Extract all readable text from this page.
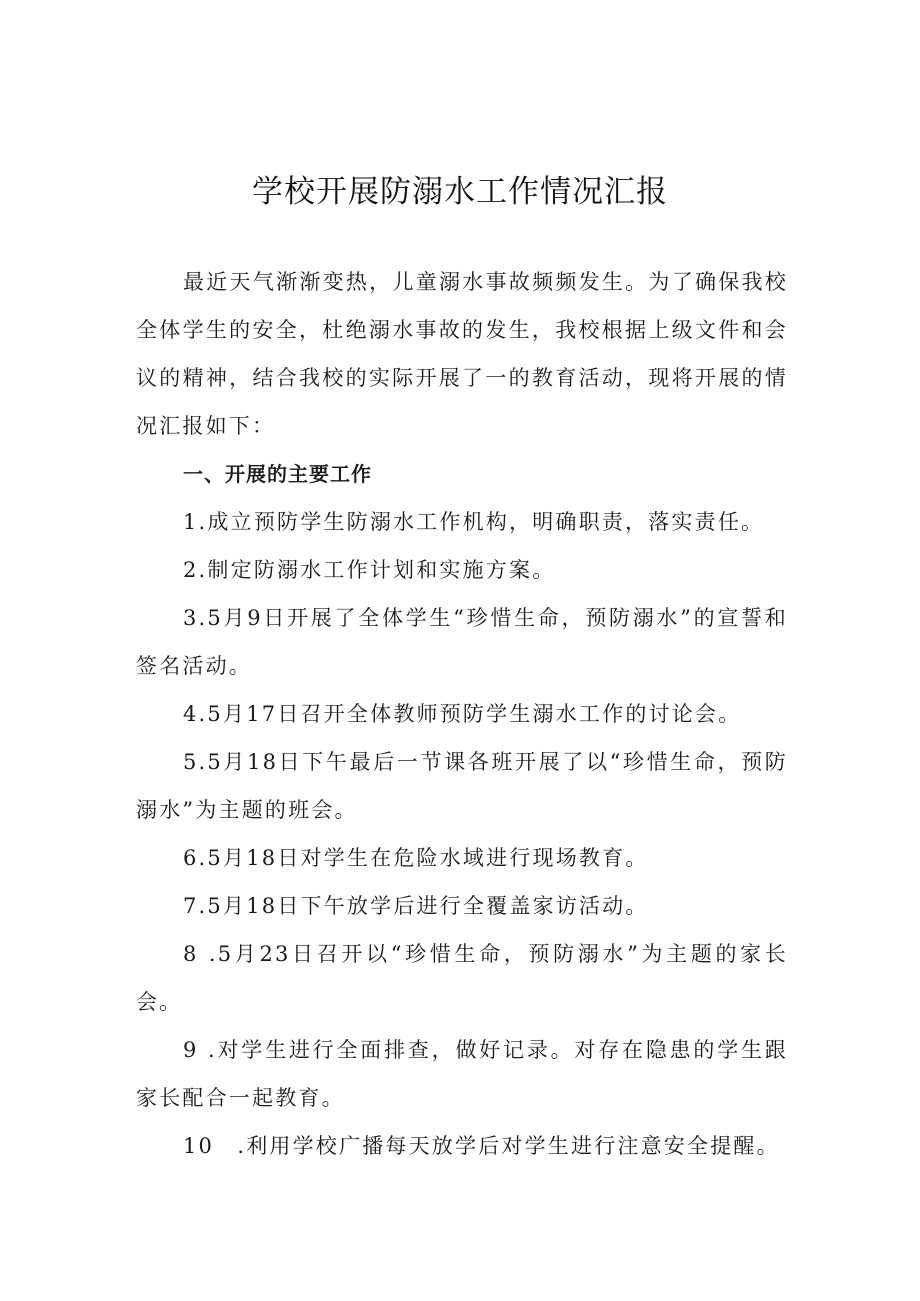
学校开展防溺水工作情况汇报

最近天气渐渐变热，儿童溺水事故频频发生。为了确保我校全体学生的安全，杜绝溺水事故的发生，我校根据上级文件和会议的精神，结合我校的实际开展了一的教育活动，现将开展的情况汇报如下：

一、开展的主要工作

1.成立预防学生防溺水工作机构，明确职责，落实责任。

2.制定防溺水工作计划和实施方案。

3.5月9日开展了全体学生“珍惜生命，预防溺水”的宣誓和签名活动。

4.5月17日召开全体教师预防学生溺水工作的讨论会。

5.5月18日下午最后一节课各班开展了以“珍惜生命，预防溺水”为主题的班会。

6.5月18日对学生在危险水域进行现场教育。

7.5月18日下午放学后进行全覆盖家访活动。

8 .5月23日召开以“珍惜生命，预防溺水”为主题的家长会。

9 .对学生进行全面排查，做好记录。对存在隐患的学生跟家长配合一起教育。

10　.利用学校广播每天放学后对学生进行注意安全提醒。
